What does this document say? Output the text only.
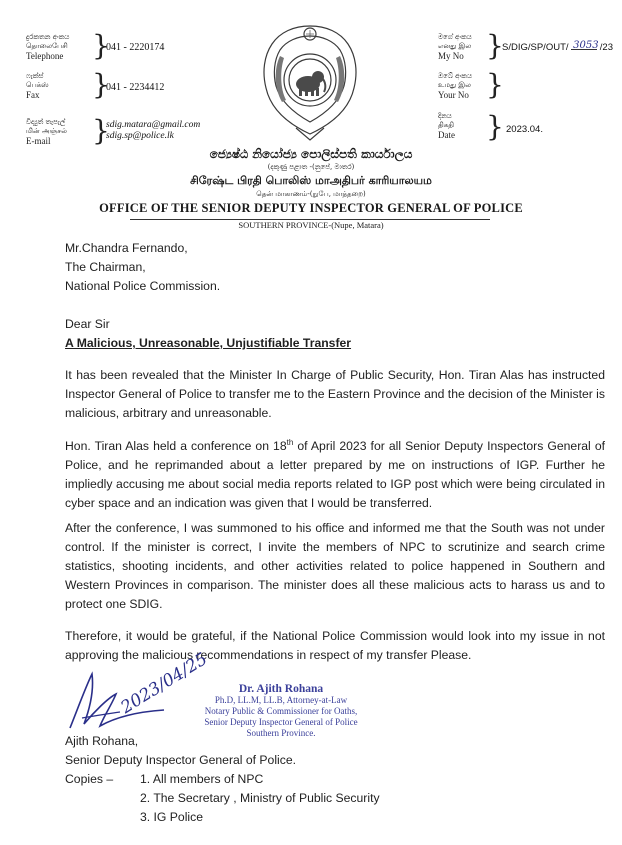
දුරකතන අංකය
தொலைபேசி
Telephone }
041 - 2220174
ෆැක්ස්
பெக்ஸ்
Fax	}
041 - 2234412
විද්‍යුත් තැපැල්
மின் அஞ்சல்
E-mail	}
sdig.matara@gmail.com
sdig.sp@police.lk
මගේ අංකය
எனது இல
My No }
S/DIG/SP/OUT/ 3053 /23
ඔබේ අංකය
உமது இல
Your No }
දිනය
திகதி
Date } 2023.04.
ජ්‍යෙෂ්ඨ නියෝජ්‍ය පොලිස්පති කාර්යාලය
(දකුණු පළාත -(නුපේ, මාතර)
சிரேஷ்ட பிரதி பொலிஸ் மாஅதிபர் காரியாலயம
தென் மாகாணம்-(நுபே, மாத்தறை)
OFFICE OF THE SENIOR DEPUTY INSPECTOR GENERAL OF POLICE
SOUTHERN PROVINCE-(Nupe, Matara)
Mr.Chandra Fernando,
The Chairman,
National Police Commission.
Dear Sir
A Malicious, Unreasonable, Unjustifiable Transfer
It has been revealed that the Minister In Charge of Public Security, Hon. Tiran Alas has instructed Inspector General of Police to transfer me to the Eastern Province and the decision of the Minister is malicious, arbitrary and unreasonable.
Hon. Tiran Alas held a conference on 18th of April 2023 for all Senior Deputy Inspectors General of Police, and he reprimanded about a letter prepared by me on instructions of IGP. Further he impliedly accusing me about social media reports related to IGP post which were being circulated in cyber space and an indication was given that I would be transferred.
After the conference, I was summoned to his office and informed me that the South was not under control. If the minister is correct, I invite the members of NPC to scrutinize and search crime statistics, shooting incidents, and other activities related to police happened in Southern and Western Provinces in comparison. The minister does all these malicious acts to harass us and to protect one SDIG.
Therefore, it would be grateful, if the National Police Commission would look into my issue in not approving the malicious recommendations in respect of my transfer Please.
2023/04/25	Dr. Ajith Rohana
Ph.D, LL.M, LL.B, Attorney-at-Law
Notary Public & Commissioner for Oaths,
Senior Deputy Inspector General of Police
Southern Province.
Ajith Rohana,
Senior Deputy Inspector General of Police.
Copies – 1. All members of NPC
2. The Secretary , Ministry of Public Security
3. IG Police
